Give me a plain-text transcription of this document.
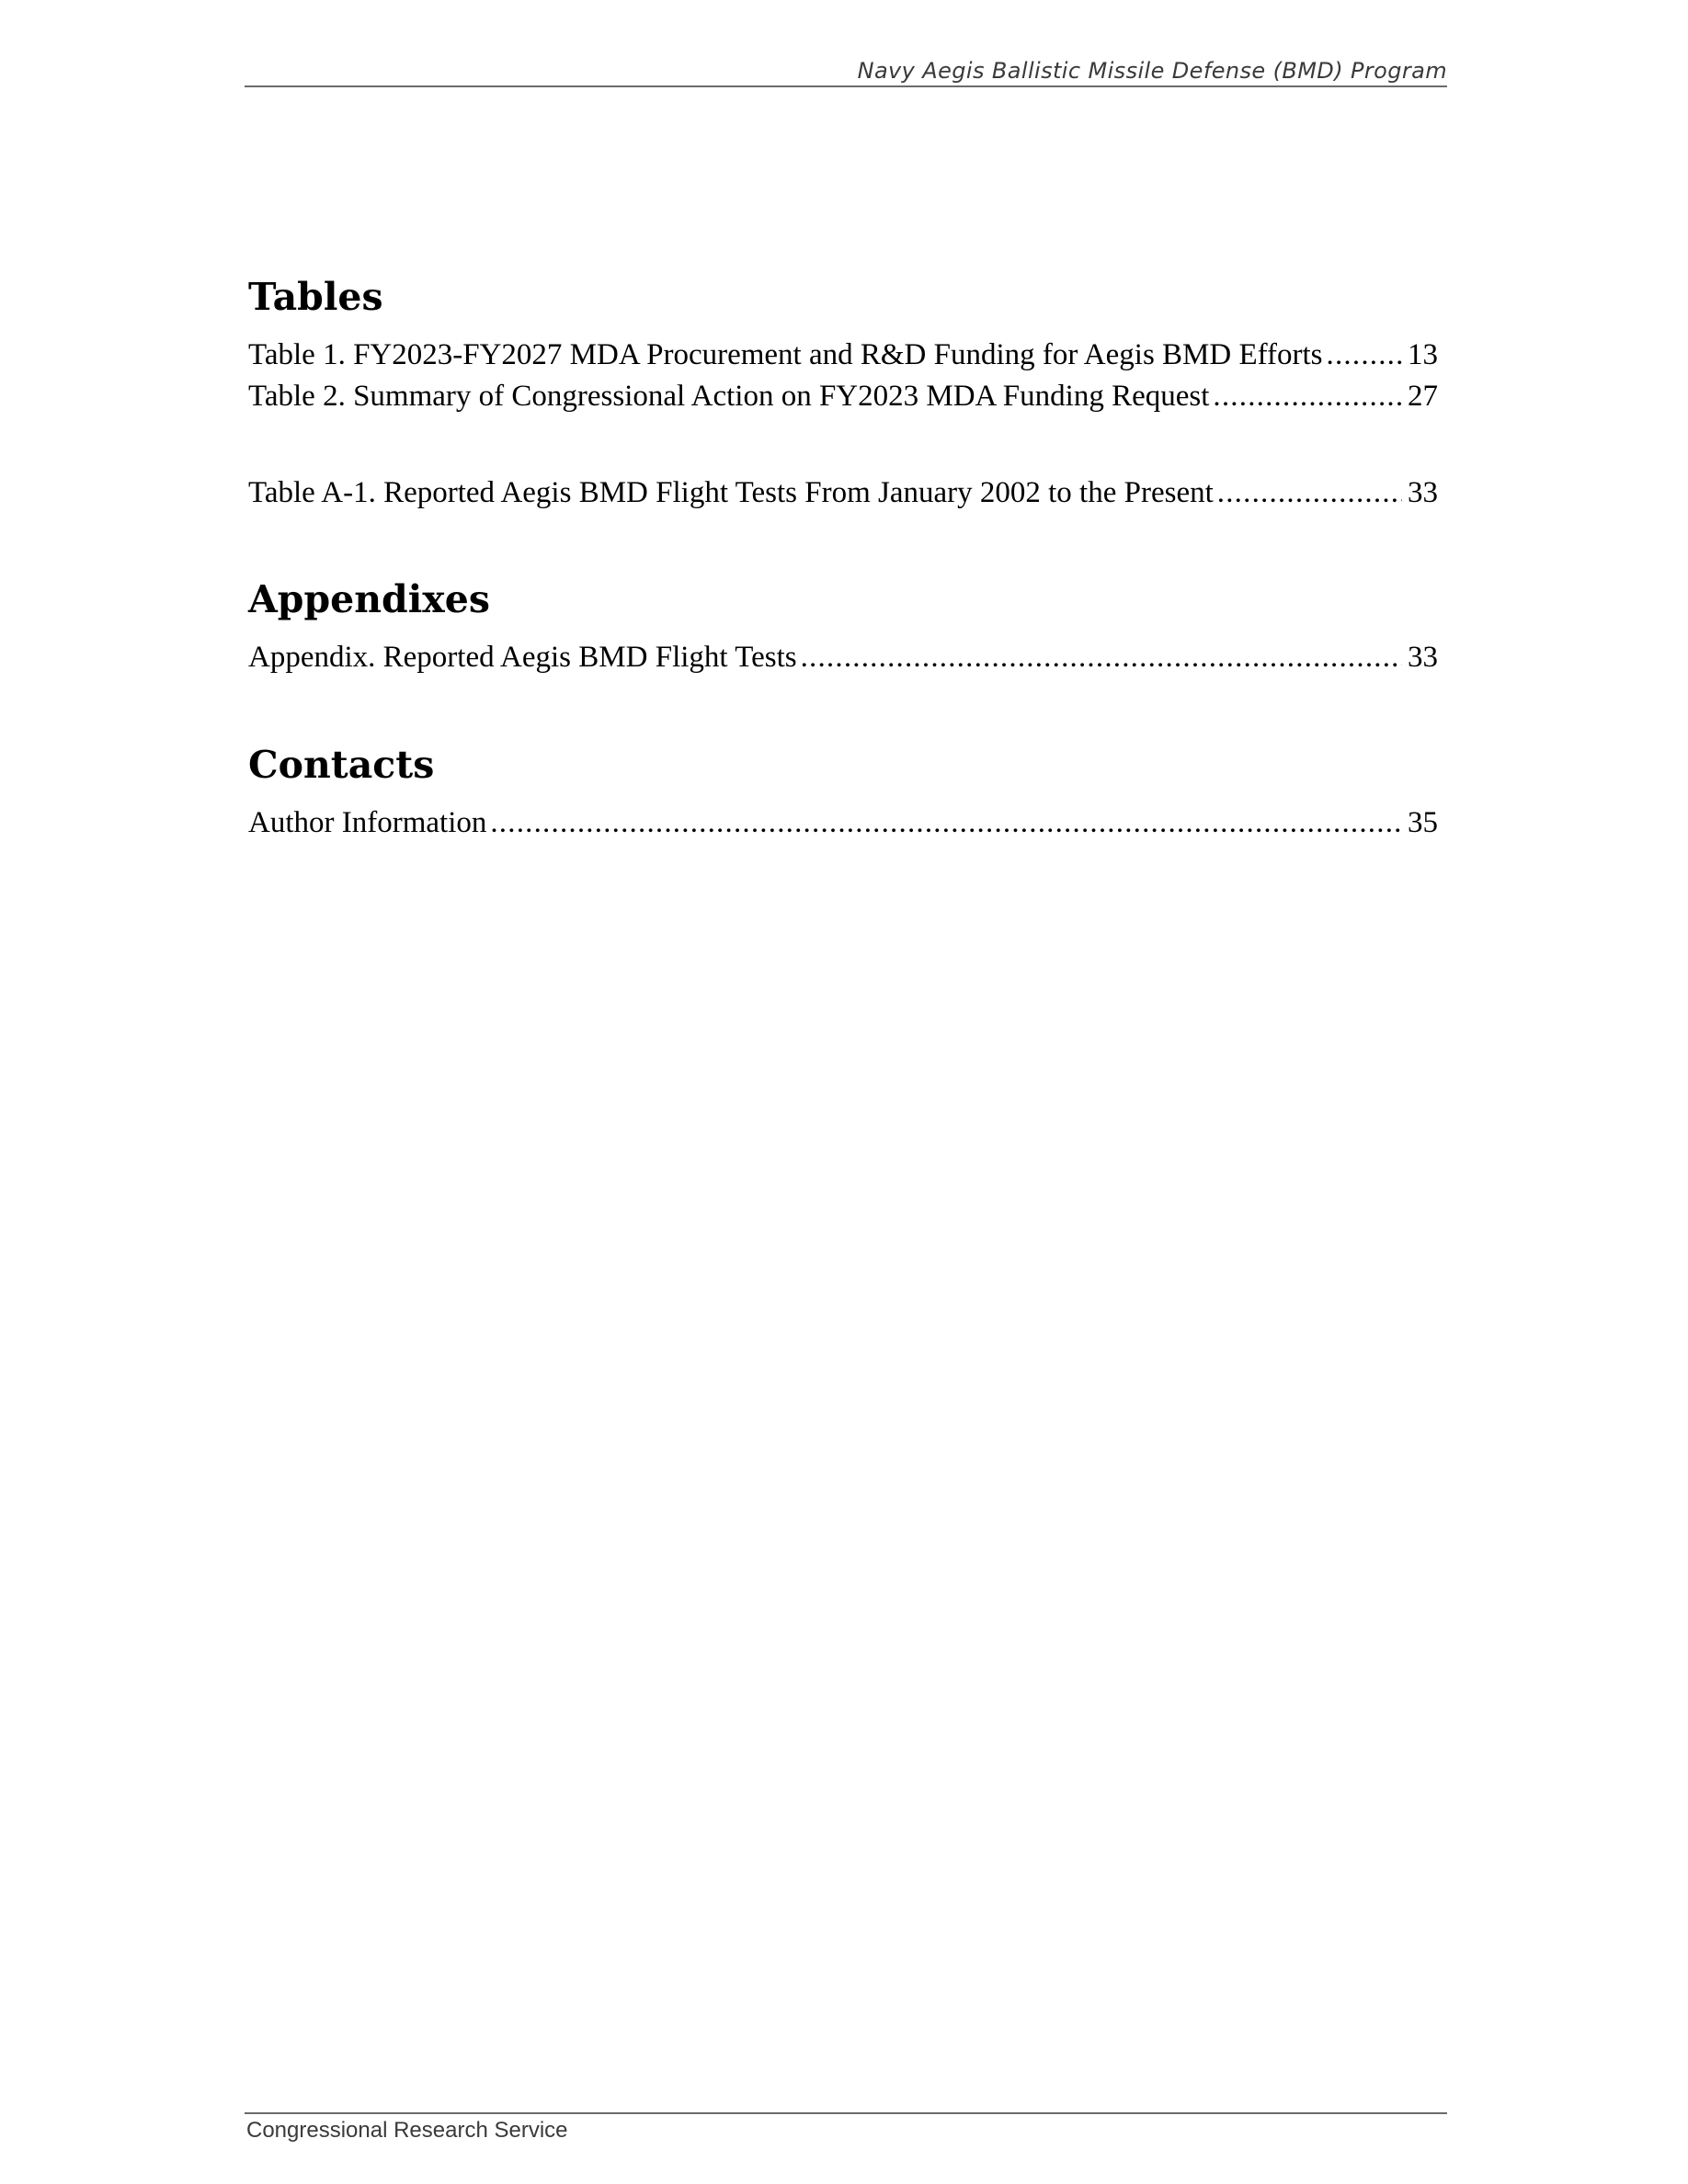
Navy Aegis Ballistic Missile Defense (BMD) Program
Tables
Table 1. FY2023-FY2027 MDA Procurement and R&D Funding for Aegis BMD Efforts .....	13
Table 2. Summary of Congressional Action on FY2023 MDA Funding Request .....	27
Table A-1. Reported Aegis BMD Flight Tests From January 2002 to the Present .....	33
Appendixes
Appendix. Reported Aegis BMD Flight Tests .....	33
Contacts
Author Information .....	35
Congressional Research Service
